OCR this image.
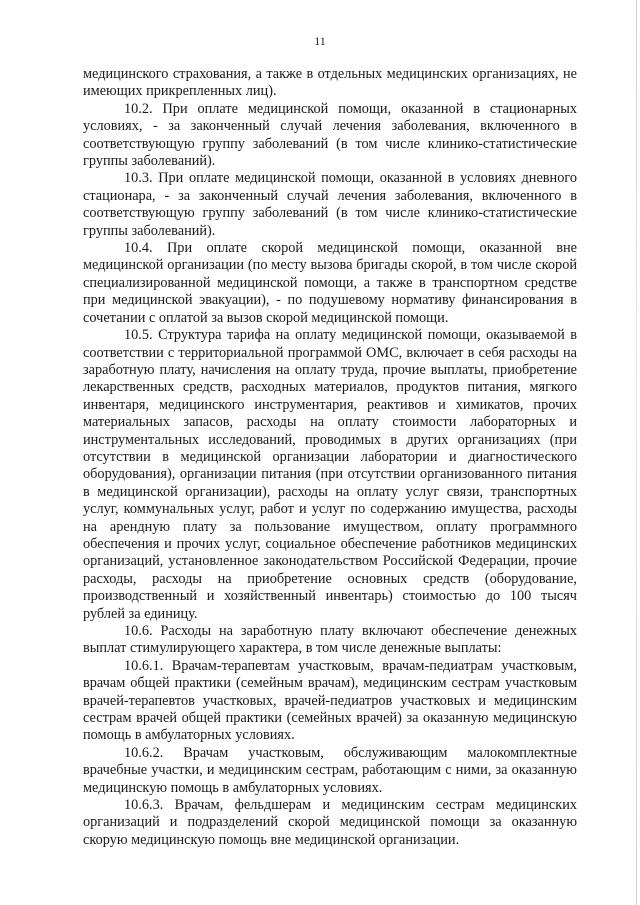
11

медицинского страхования, а также в отдельных медицинских организациях, не имеющих прикрепленных лиц).

10.2. При оплате медицинской помощи, оказанной в стационарных условиях, - за законченный случай лечения заболевания, включенного в соответствующую группу заболеваний (в том числе клинико-статистические группы заболеваний).

10.3. При оплате медицинской помощи, оказанной в условиях дневного стационара, - за законченный случай лечения заболевания, включенного в соответствующую группу заболеваний (в том числе клинико-статистические группы заболеваний).

10.4. При оплате скорой медицинской помощи, оказанной вне медицинской организации (по месту вызова бригады скорой, в том числе скорой специализированной медицинской помощи, а также в транспортном средстве при медицинской эвакуации), - по подушевому нормативу финансирования в сочетании с оплатой за вызов скорой медицинской помощи.

10.5. Структура тарифа на оплату медицинской помощи, оказываемой в соответствии с территориальной программой ОМС, включает в себя расходы на заработную плату, начисления на оплату труда, прочие выплаты, приобретение лекарственных средств, расходных материалов, продуктов питания, мягкого инвентаря, медицинского инструментария, реактивов и химикатов, прочих материальных запасов, расходы на оплату стоимости лабораторных и инструментальных исследований, проводимых в других организациях (при отсутствии в медицинской организации лаборатории и диагностического оборудования), организации питания (при отсутствии организованного питания в медицинской организации), расходы на оплату услуг связи, транспортных услуг, коммунальных услуг, работ и услуг по содержанию имущества, расходы на арендную плату за пользование имуществом, оплату программного обеспечения и прочих услуг, социальное обеспечение работников медицинских организаций, установленное законодательством Российской Федерации, прочие расходы, расходы на приобретение основных средств (оборудование, производственный и хозяйственный инвентарь) стоимостью до 100 тысяч рублей за единицу.

10.6. Расходы на заработную плату включают обеспечение денежных выплат стимулирующего характера, в том числе денежные выплаты:

10.6.1. Врачам-терапевтам участковым, врачам-педиатрам участковым, врачам общей практики (семейным врачам), медицинским сестрам участковым врачей-терапевтов участковых, врачей-педиатров участковых и медицинским сестрам врачей общей практики (семейных врачей) за оказанную медицинскую помощь в амбулаторных условиях.

10.6.2. Врачам участковым, обслуживающим малокомплектные врачебные участки, и медицинским сестрам, работающим с ними, за оказанную медицинскую помощь в амбулаторных условиях.

10.6.3. Врачам, фельдшерам и медицинским сестрам медицинских организаций и подразделений скорой медицинской помощи за оказанную скорую медицинскую помощь вне медицинской организации.
